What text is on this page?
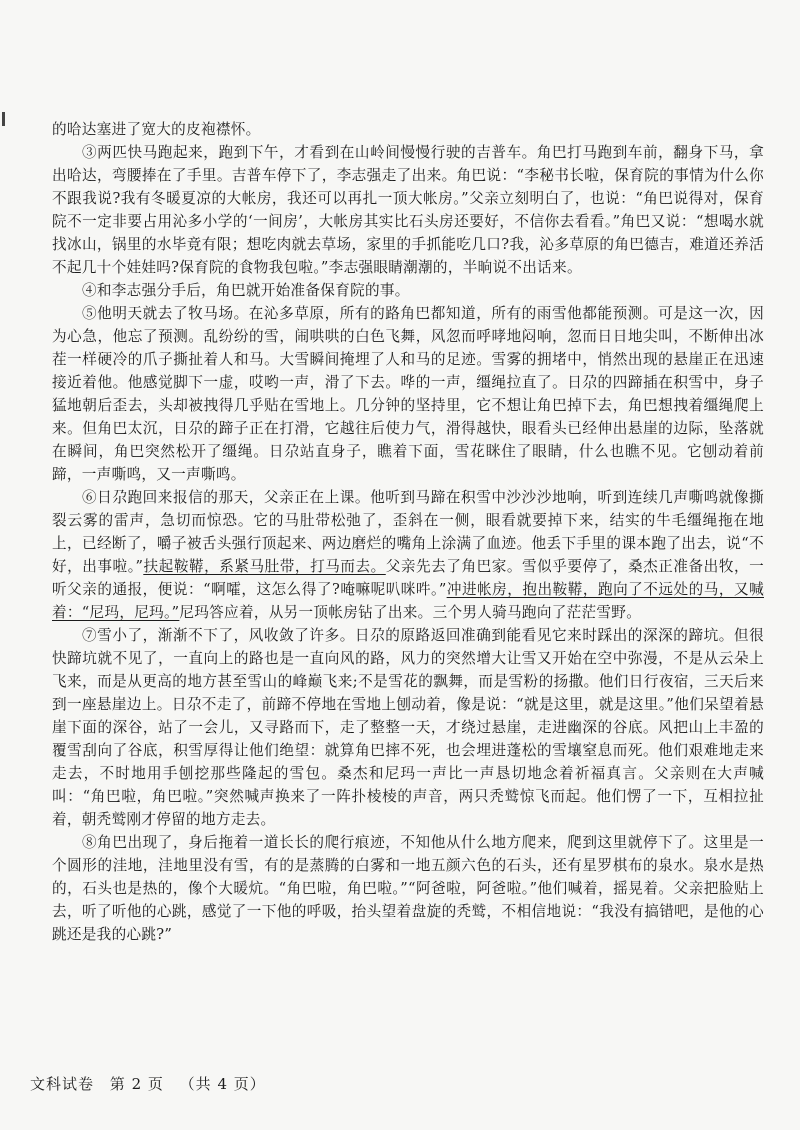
的哈达塞进了宽大的皮袍襟怀。

③两匹快马跑起来，跑到下午，才看到在山岭间慢慢行驶的吉普车。角巴打马跑到车前，翻身下马，拿出哈达，弯腰捧在了手里。吉普车停下了，李志强走了出来。角巴说：“李秘书长啦，保育院的事情为什么你不跟我说?我有冬暖夏凉的大帐房，我还可以再扎一顶大帐房。”父亲立刻明白了，也说：“角巴说得对，保育院不一定非要占用沁多小学的‘一间房’，大帐房其实比石头房还要好，不信你去看看。”角巴又说：“想喝水就找冰山，锅里的水毕竟有限；想吃肉就去草场，家里的手抓能吃几口?我，沁多草原的角巴德吉，难道还养活不起几十个娃娃吗?保育院的食物我包啦。”李志强眼睛潮潮的，半晌说不出话来。

④和李志强分手后，角巴就开始准备保育院的事。

⑤他明天就去了牧马场。在沁多草原，所有的路角巴都知道，所有的雨雪他都能预测。可是这一次，因为心急，他忘了预测。乱纷纷的雪，闹哄哄的白色飞舞，风忽而呼哮地闷响，忽而日日地尖叫，不断伸出冰茬一样硬冷的爪子撕扯着人和马。大雪瞬间掩埋了人和马的足迹。雪雾的拥堵中，悄然出现的悬崖正在迅速接近着他。他感觉脚下一虚，哎哟一声，滑了下去。哗的一声，缰绳拉直了。日尕的四蹄插在积雪中，身子猛地朝后歪去，头却被拽得几乎贴在雪地上。几分钟的坚持里，它不想让角巴掉下去，角巴想拽着缰绳爬上来。但角巴太沉，日尕的蹄子正在打滑，它越往后使力气，滑得越快，眼看头已经伸出悬崖的边际，坠落就在瞬间，角巴突然松开了缰绳。日尕站直身子，瞧着下面，雪花眯住了眼睛，什么也瞧不见。它刨动着前蹄，一声嘶鸣，又一声嘶鸣。

⑥日尕跑回来报信的那天，父亲正在上课。他听到马蹄在积雪中沙沙沙地响，听到连续几声嘶鸣就像撕裂云雾的雷声，急切而惊恐。它的马肚带松弛了，歪斜在一侧，眼看就要掉下来，结实的牛毛缰绳拖在地上，已经断了，嚼子被舌头强行顶起来、两边磨烂的嘴角上涂满了血迹。他丢下手里的课本跑了出去，说“不好，出事啦。”扶起鞍鞯，系紧马肚带，打马而去。父亲先去了角巴家。雪似乎要停了，桑杰正准备出牧，一听父亲的通报，便说：“啊嚯，这怎么得了?唵嘛呢叭咪吽。”冲进帐房，抱出鞍鞯，跑向了不远处的马，又喊着：“尼玛，尼玛。”尼玛答应着，从另一顶帐房钻了出来。三个男人骑马跑向了茫茫雪野。

⑦雪小了，渐渐不下了，风收敛了许多。日尕的原路返回准确到能看见它来时踩出的深深的蹄坑。但很快蹄坑就不见了，一直向上的路也是一直向风的路，风力的突然增大让雪又开始在空中弥漫，不是从云朵上飞来，而是从更高的地方甚至雪山的峰巅飞来;不是雪花的飘舞，而是雪粉的扬撒。他们日行夜宿，三天后来到一座悬崖边上。日尕不走了，前蹄不停地在雪地上刨动着，像是说：“就是这里，就是这里。”他们呆望着悬崖下面的深谷，站了一会儿，又寻路而下，走了整整一天，才绕过悬崖，走进幽深的谷底。风把山上丰盈的覆雪刮向了谷底，积雪厚得让他们绝望：就算角巴摔不死，也会埋进蓬松的雪壤窒息而死。他们艰难地走来走去，不时地用手刨挖那些隆起的雪包。桑杰和尼玛一声比一声恳切地念着祈福真言。父亲则在大声喊叫：“角巴啦，角巴啦。”突然喊声换来了一阵扑棱棱的声音，两只秃鹫惊飞而起。他们愣了一下，互相拉扯着，朝秃鹫刚才停留的地方走去。

⑧角巴出现了，身后拖着一道长长的爬行痕迹，不知他从什么地方爬来，爬到这里就停下了。这里是一个圆形的洼地，洼地里没有雪，有的是蒸腾的白雾和一地五颜六色的石头，还有星罗棋布的泉水。泉水是热的，石头也是热的，像个大暖炕。“角巴啦，角巴啦。”“阿爸啦，阿爸啦。”他们喊着，摇晃着。父亲把脸贴上去，听了听他的心跳，感觉了一下他的呼吸，抬头望着盘旋的秃鹫，不相信地说：“我没有搞错吧，是他的心跳还是我的心跳?”

文科试卷 第 2 页 （共 4 页）
